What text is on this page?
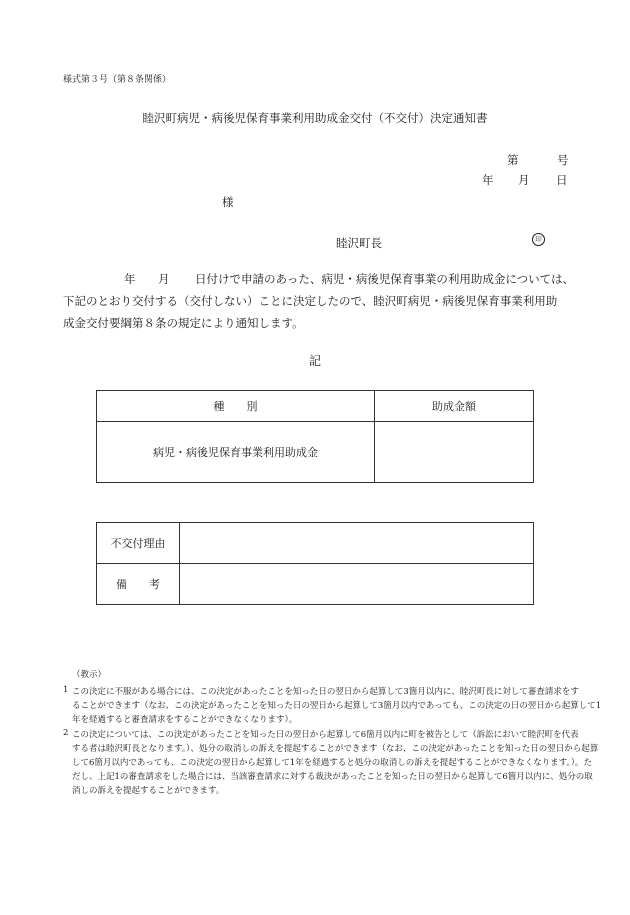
様式第３号（第８条関係）
睦沢町病児・病後児保育事業利用助成金交付（不交付）決定通知書
第	号
年 月 日
様
睦沢町長	印
年 月 日付けで申請のあった、病児・病後児保育事業の利用助成金については、
下記のとおり交付する（交付しない）ことに決定したので、睦沢町病児・病後児保育事業利用助
成金交付要綱第８条の規定により通知します。
記
種　　別	助成金額
病児・病後児保育事業利用助成金	
不交付理由	
備　　考	
（教示）
1 この決定に不服がある場合には、この決定があったことを知った日の翌日から起算して3箇月以内に、睦沢町長に対して審査請求をす
ることができます（なお、この決定があったことを知った日の翌日から起算して3箇月以内であっても、この決定の日の翌日から起算して1
年を経過すると審査請求をすることができなくなります）。
2 この決定については、この決定があったことを知った日の翌日から起算して6箇月以内に町を被告として（訴訟において睦沢町を代表
する者は睦沢町長となります。）、処分の取消しの訴えを提起することができます（なお、この決定があったことを知った日の翌日から起算
して6箇月以内であっても、この決定の翌日から起算して1年を経過すると処分の取消しの訴えを提起することができなくなります。）。た
だし、上記1の審査請求をした場合には、当該審査請求に対する裁決があったことを知った日の翌日から起算して6箇月以内に、処分の取
消しの訴えを提起することができます。
